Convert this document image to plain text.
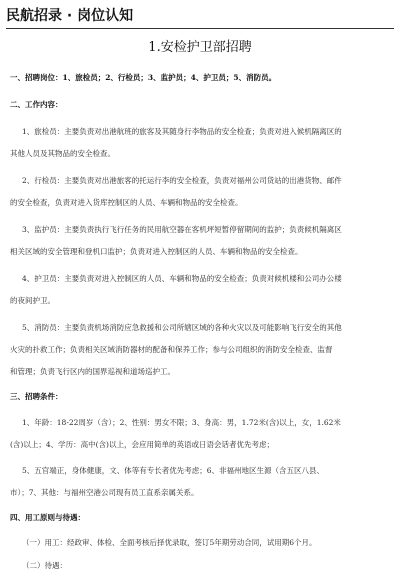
民航招录 · 岗位认知
1.安检护卫部招聘
一、招聘岗位：1、旅检员；2、行检员；3、监护员；4、护卫员；5、消防员。
二、工作内容：
1、旅检员：主要负责对出港航班的旅客及其随身行李物品的安全检查；负责对进入候机隔离区的
其他人员及其物品的安全检查。
2、行检员：主要负责对出港旅客的托运行李的安全检查，负责对福州公司货站的出港货物、邮件
的安全检查，负责对进入货库控制区的人员、车辆和物品的安全检查。
3、监护员：主要负责执行飞行任务的民用航空器在客机坪短暂停留期间的监护；负责候机隔离区
相关区域的安全管理和登机口监护；负责对进入控制区的人员、车辆和物品的安全检查。
4、护卫员：主要负责对进入控制区的人员、车辆和物品的安全检查；负责对候机楼和公司办公楼
的夜间护卫。
5、消防员：主要负责机场消防应急救援和公司所辖区域的各种火灾以及可能影响飞行安全的其他
火灾的扑救工作；负责相关区域消防器材的配备和保养工作；参与公司组织的消防安全检查、监督
和管理；负责飞行区内的国界巡视和道场巡护工。
三、招聘条件：
1、年龄：18-22周岁（含）；2、性别：男女不限；3、身高：男，1.72米(含)以上，女，1.62米
(含)以上；4、学历：高中(含)以上，会应用简单的英语或日语会话者优先考虑；
5、五官端正，身体健康，文、体等有专长者优先考虑；6、非福州地区生源（含五区八县、
市）；7、其他：与福州空港公司现有员工直系亲属关系。
四、用工原则与待遇：
（一）用工：经政审、体检、全面考核后择优录取，签订5年期劳动合同，试用期6个月。
（二）待遇：
